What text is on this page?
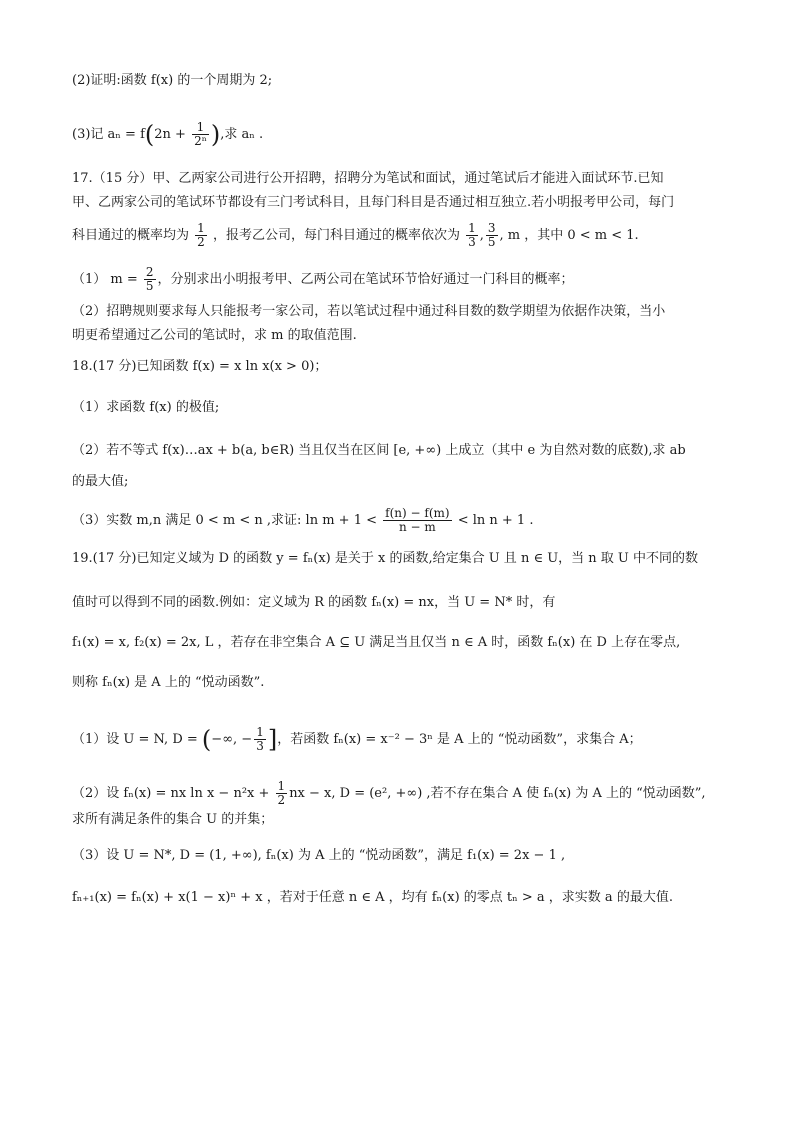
(2)证明:函数 f(x) 的一个周期为 2;
(3)记 $a_n = f(2n + \frac{1}{\text{2ⁿ}}$ ),求 aₙ .
17.（15 分）甲、乙两家公司进行公开招聘，招聘分为笔试和面试，通过笔试后才能进入面试环节.已知
甲、乙两家公司的笔试环节都设有三门考试科目，且每门科目是否通过相互独立.若小明报考甲公司，每门
科目通过的概率均为 $\frac{1}{2}$ ，报考乙公司，每门科目通过的概率依次为 $\frac{1}{3}$ , $\frac{3}{5}$ , m ，其中 0 < m < 1.
（1） $m = \frac{2}{5}$ ，分别求出小明报考甲、乙两公司在笔试环节恰好通过一门科目的概率；
（2）招聘规则要求每人只能报考一家公司，若以笔试过程中通过科目数的数学期望为依据作决策，当小
明更希望通过乙公司的笔试时，求 m 的取值范围.
18.(17 分)已知函数 f(x) = x ln x(x > 0)；
（1）求函数 f(x) 的极值;
（2）若不等式 f(x)…ax + b(a, b∈R) 当且仅当在区间 [e, +∞) 上成立（其中 e 为自然对数的底数),求 ab
的最大值;
（3）实数 m,n 满足 0 < m < n ,求证: $\ln m + 1 < \frac{f(n) - f(m)}{n - m} < \ln n + 1$ .
19.(17 分)已知定义域为 D 的函数 y = fₙ(x) 是关于 x 的函数,给定集合 U 且 n ∈ U，当 n 取 U 中不同的数
值时可以得到不同的函数.例如：定义域为 R 的函数 fₙ(x) = nx，当 U = N* 时，有
f₁(x) = x, f₂(x) = 2x, L ，若存在非空集合 A ⊆ U 满足当且仅当 n ∈ A 时，函数 fₙ(x) 在 D 上存在零点,
则称 fₙ(x) 是 A 上的 “悦动函数”.
（1）设 U = N, D = (−∞, − $\frac{1}{3}$ ]，若函数 fₙ(x) = x⁻² − 3ⁿ 是 A 上的 “悦动函数”，求集合 A；
（2）设 fₙ(x) = nx $\ln x - n^2x + \frac{1}{2}$ nx − x, D = (e², +∞) ,若不存在集合 A 使 fₙ(x) 为 A 上的 “悦动函数”,
求所有满足条件的集合 U 的并集；
（3）设 U = N*, D = (1, +∞), fₙ(x) 为 A 上的 “悦动函数”，满足 f₁(x) = 2x − 1 ,
fₙ₊₁(x) = fₙ(x) + x(1 − x)ⁿ + x ，若对于任意 n ∈ A ，均有 fₙ(x) 的零点 tₙ > a ，求实数 a 的最大值.
